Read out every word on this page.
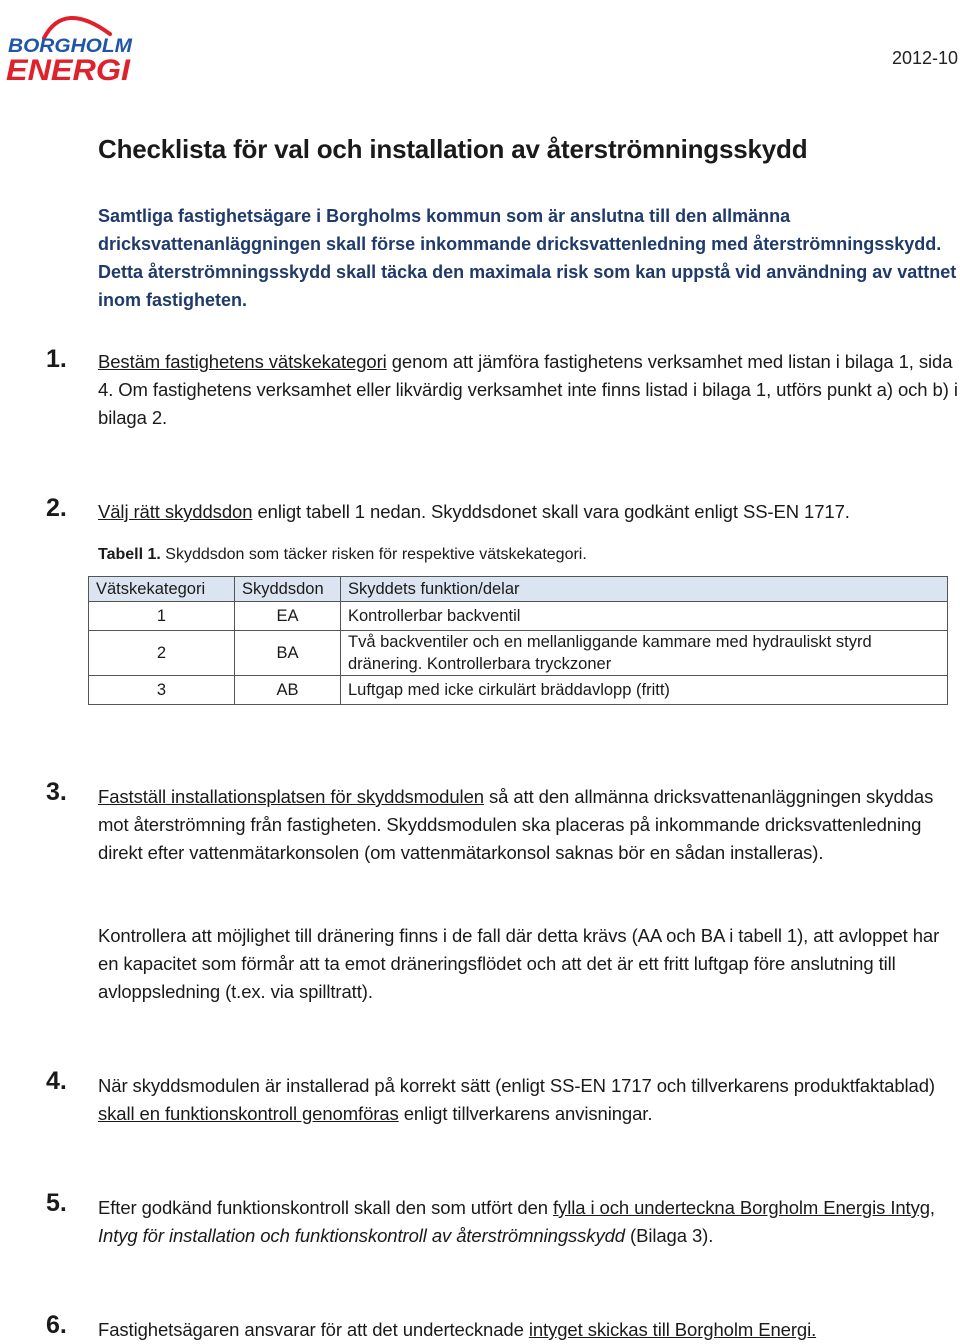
BORGHOLM
ENERGI	2012-10
Checklista för val och installation av återströmningsskydd
Samtliga fastighetsägare i Borgholms kommun som är anslutna till den allmänna dricksvattenanläggningen skall förse inkommande dricksvattenledning med återströmningsskydd. Detta återströmningsskydd skall täcka den maximala risk som kan uppstå vid användning av vattnet inom fastigheten.
1. Bestäm fastighetens vätskekategori genom att jämföra fastighetens verksamhet med listan i bilaga 1, sida 4. Om fastighetens verksamhet eller likvärdig verksamhet inte finns listad i bilaga 1, utförs punkt a) och b) i bilaga 2.
2. Välj rätt skyddsdon enligt tabell 1 nedan. Skyddsdonet skall vara godkänt enligt SS-EN 1717.
Tabell 1. Skyddsdon som täcker risken för respektive vätskekategori.
Vätskekategori	Skyddsdon	Skyddets funktion/delar
1	EA	Kontrollerbar backventil
2	BA	Två backventiler och en mellanliggande kammare med hydrauliskt styrd dränering. Kontrollerbara tryckzoner
3	AB	Luftgap med icke cirkulärt bräddavlopp (fritt)
3. Fastställ installationsplatsen för skyddsmodulen så att den allmänna dricksvattenanläggningen skyddas mot återströmning från fastigheten. Skyddsmodulen ska placeras på inkommande dricksvattenledning direkt efter vattenmätarkonsolen (om vattenmätarkonsol saknas bör en sådan installeras).
Kontrollera att möjlighet till dränering finns i de fall där detta krävs (AA och BA i tabell 1), att avloppet har en kapacitet som förmår att ta emot dräneringsflödet och att det är ett fritt luftgap före anslutning till avloppsledning (t.ex. via spilltratt).
4. När skyddsmodulen är installerad på korrekt sätt (enligt SS-EN 1717 och tillverkarens produktfaktablad) skall en funktionskontroll genomföras enligt tillverkarens anvisningar.
5. Efter godkänd funktionskontroll skall den som utfört den fylla i och underteckna Borgholm Energis Intyg, Intyg för installation och funktionskontroll av återströmningsskydd (Bilaga 3).
6. Fastighetsägaren ansvarar för att det undertecknade intyget skickas till Borgholm Energi.
